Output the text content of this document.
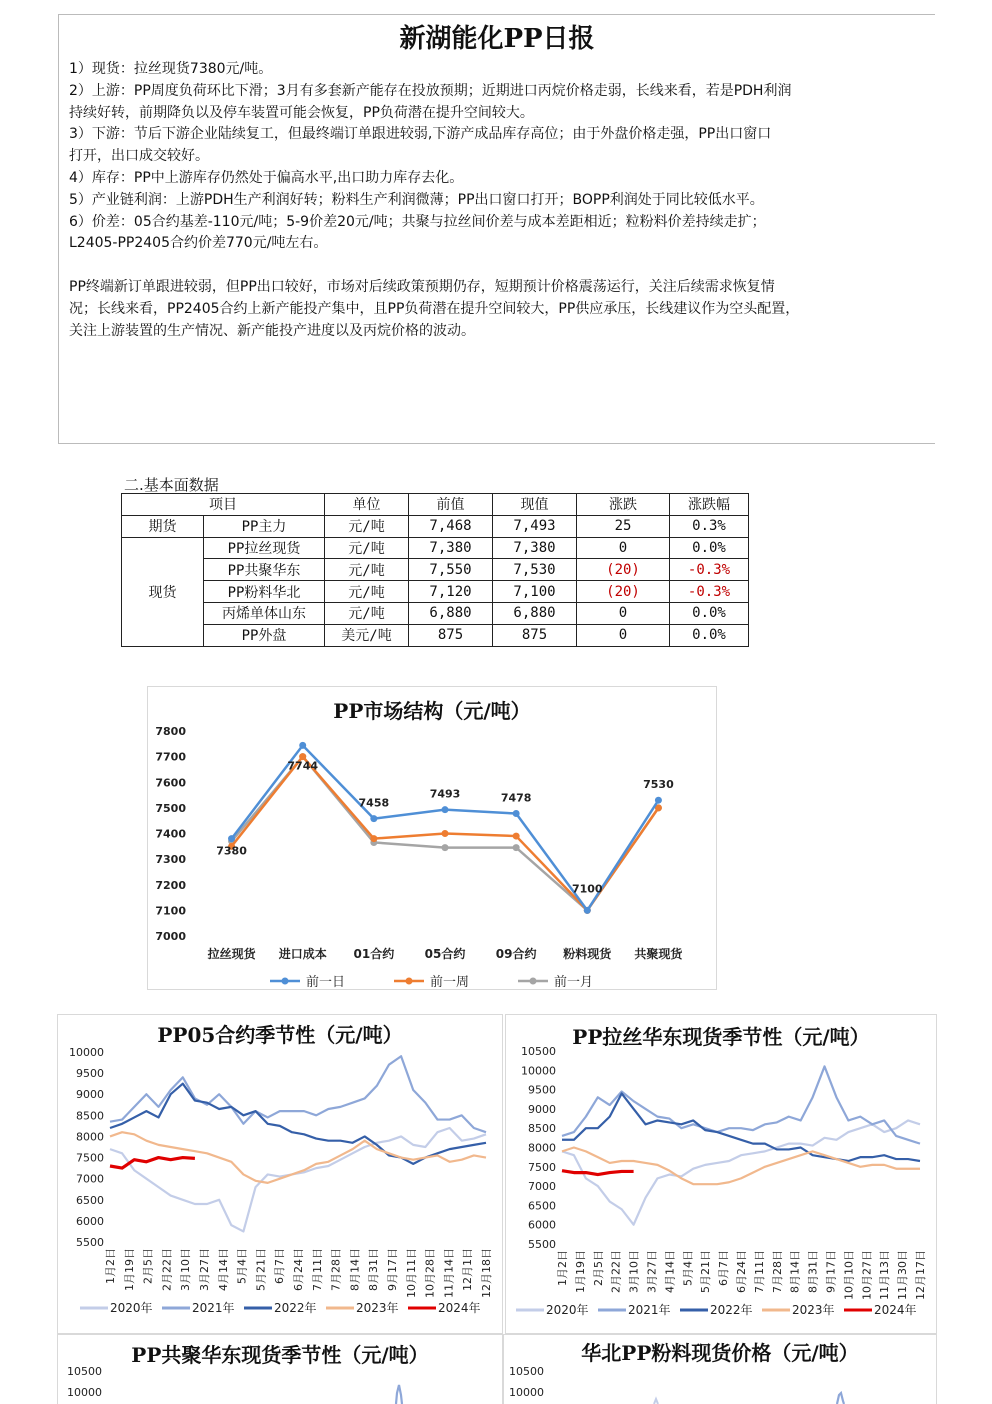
新湖能化PP日报

1）现货：拉丝现货7380元/吨。

2）上游：PP周度负荷环比下滑；3月有多套新产能存在投放预期；近期进口丙烷价格走弱，长线来看，若是PDH利润

持续好转，前期降负以及停车装置可能会恢复，PP负荷潜在提升空间较大。

3）下游：节后下游企业陆续复工，但最终端订单跟进较弱,下游产成品库存高位；由于外盘价格走强，PP出口窗口

打开，出口成交较好。

4）库存：PP中上游库存仍然处于偏高水平,出口助力库存去化。

5）产业链利润：上游PDH生产利润好转；粉料生产利润微薄；PP出口窗口打开；BOPP利润处于同比较低水平。

6）价差：05合约基差-110元/吨；5-9价差20元/吨；共聚与拉丝间价差与成本差距相近；粒粉料价差持续走扩；

L2405-PP2405合约价差770元/吨左右。

PP终端新订单跟进较弱，但PP出口较好，市场对后续政策预期仍存，短期预计价格震荡运行，关注后续需求恢复情

况；长线来看，PP2405合约上新产能投产集中，且PP负荷潜在提升空间较大，PP供应承压，长线建议作为空头配置，

关注上游装置的生产情况、新产能投产进度以及丙烷价格的波动。

二.基本面数据
项目		单位	前值	现值	涨跌	涨跌幅
期货	PP主力	元/吨	7,468	7,493	25	0.3%
现货	PP拉丝现货	元/吨	7,380	7,380	0	0.0%
	PP共聚华东	元/吨	7,550	7,530	(20)	-0.3%
	PP粉料华北	元/吨	7,120	7,100	(20)	-0.3%
	丙烯单体山东	元/吨	6,880	6,880	0	0.0%
	PP外盘	美元/吨	875	875	0	0.0%
PP市场结构（元/吨）
7000
7100
7200
7300
7400
7500
7600
7700
7800
拉丝现货 进口成本 01合约	05合约	09合约 粉料现货 共聚现货
7380
7744
7458
7493	7478
7100
7530
前一日	前一周	前一月
PP05合约季节性（元/吨）
5500
6000
6500
7000
7500
8000
8500
9000
9500
10000
1月2日 1月19日 2月5日 2月22日 3月10日 3月27日 4月14日 5月4日 5月21日 6月7日 6月24日 7月11日 7月28日 8月14日 8月31日 9月17日 10月11日 10月28日 11月14日 12月1日 12月18日
2020年	2021年	2022年	2023年	2024年
PP拉丝华东现货季节性（元/吨）
5500
6000
6500
7000
7500
8000
8500
9000
9500
10000
10500
1月2日 1月19日 2月5日 2月22日 3月10日 3月27日 4月14日 5月4日 5月21日 6月7日 6月24日 7月11日 7月28日 8月14日 8月31日 9月17日 10月10日 10月27日 11月13日 11月30日 12月17日
2020年	2021年	2022年	2023年	2024年
PP共聚华东现货季节性（元/吨）
10500
10000
华北PP粉料现货价格（元/吨）
10500
10000
